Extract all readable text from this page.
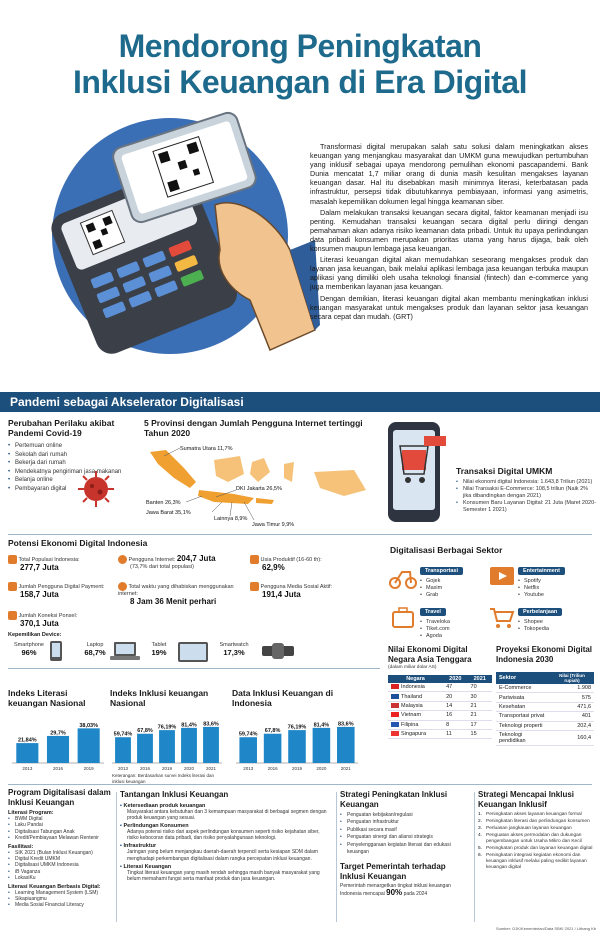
Mendorong Peningkatan
Inklusi Keuangan di Era Digital

Transformasi digital merupakan salah satu solusi dalam meningkatkan akses keuangan yang menjangkau masyarakat dan UMKM guna mewujudkan pertumbuhan yang inklusif sebagai upaya mendorong pemulihan ekonomi pascapandemi. Bank Dunia mencatat 1,7 miliar orang di dunia masih kesulitan mengakses layanan keuangan dasar. Hal itu disebabkan masih minimnya literasi, keterbatasan pada infrastruktur, persepsi tidak dibutuhkannya pembiayaan, informasi yang asimetris, masalah kepemilikan dokumen legal hingga keamanan siber.

Dalam melakukan transaksi keuangan secara digital, faktor keamanan menjadi isu penting. Kemudahan transaksi keuangan secara digital perlu diiringi dengan pemahaman akan adanya risiko keamanan data pribadi. Untuk itu upaya perlindungan data pribadi konsumen merupakan prioritas utama yang harus dijaga, baik oleh konsumen maupun lembaga jasa keuangan.

Literasi keuangan digital akan memudahkan seseorang mengakses produk dan layanan jasa keuangan, baik melalui aplikasi lembaga jasa keuangan terbuka maupun aplikasi yang dimiliki oleh usaha teknologi finansial (fintech) dan e-commerce yang juga memberikan layanan jasa keuangan.

Dengan demikian, literasi keuangan digital akan membantu meningkatkan inklusi keuangan masyarakat untuk mengakses produk dan layanan sektor jasa keuangan secara cepat dan mudah. (GRT)

Pandemi sebagai Akselerator Digitalisasi
Perubahan Perilaku akibat Pandemi Covid-19
• Pertemuan online
• Sekolah dari rumah
• Bekerja dari rumah
• Mendekatnya pengiriman jasa makanan
• Belanja online
• Pembayaran digital
5 Provinsi dengan Jumlah Pengguna Internet tertinggi Tahun 2020
Sumatra Utara 11,7%
DKI Jakarta 26,5%
Banten 26,3%
Jawa Barat 35,1%
Jawa Timur 9,9%
Lainnya 8,9%
Transaksi Digital UMKM
• Nilai ekonomi digital Indonesia: 1.643,8 Triliun (2021)
• Nilai Transaksi E-Commerce: 108,5 triliun (Naik 2% jika dibandingkan dengan 2021)
• Konsumen Baru Layanan Digital: 21 Juta (Maret 2020-Semester 1 2021)
Potensi Ekonomi Digital Indonesia
Total Populasi Indonesia:
277,7 Juta
Pengguna Internet: 204,7 Juta
(73,7% dari total populasi)
Usia Produktif (16-60 th):
62,9%
Jumlah Pengguna Digital Payment:
158,7 Juta
Total waktu yang dihabiskan menggunakan internet:
8 Jam 36 Menit perhari
Pengguna Media Sosial Aktif:
191,4 Juta
Jumlah Koneksi Ponsel:
370,1 Juta
Kepemilikan Device:
Smartphone
96%
Laptop
68,7%
Tablet
19%
Smartwatch
17,3%
Digitalisasi Berbagai Sektor
Transportasi
• Gojek
• Maxim
• Grab
Entertainment
• Spotify
• Netflix
• Youtube
Travel
• Traveloka
• Tiket.com
• Agoda
Perbelanjaan
• Shopee
• Tokopedia
Indeks Literasi keuangan Nasional
21,84%
2013
29,7%
2016
38,03%
2019
Indeks Inklusi keuangan Nasional
59,74%
2013
67,8%
2016
76,19%
2019
81,4%
2020
83,6%
2021
Keterangan: Berdasarkan survei Indeks literasi dan inklusi keuangan
Data Inklusi Keuangan di Indonesia
59,74%
2013
67,8%
2016
76,19%
2019
81,4%
2020
83,6%
2021
Nilai Ekonomi Digital Negara Asia Tenggara
(dalam miliar dolar AS)
Negara	2020	2021
Indonesia	47	70
Thailand	20	30
Malaysia	14	21
Vietnam	16	21
Filipina	8	17
Singapura	11	15
Proyeksi Ekonomi Digital Indonesia 2030
Sektor	Nilai (Triliun rupiah)
E-Commerce	1.908
Pariwisata	575
Kesehatan	471,6
Transportasi privat	401
Teknologi properti	202,4
Teknologi pendidikan	160,4
Program Digitalisasi dalam Inklusi Keuangan
Literasi Program:
• BWM Digital
• Laku Pandai
• Digitalisasi Tabungan Anak
• Kredit/Pembiayaan Melawan Rentenir
Fasilitasi:
• SIK 2021 (Bulan Inklusi Keuangan)
• Digital Kredit UMKM
• Digitalisasi UMKM Indonesia
• iB Vaganza
• LokasiKu
Literasi Keuangan Berbasis Digital:
• Learning Management System (LSM)
• Sikapiuangmu
• Media Sosial Financial Literacy
Tantangan Inklusi Keuangan
▪ Ketersediaan produk keuangan
Masyarakat antara kebutuhan dan 3 kemampuan masyarakat di berbagai segmen dengan produk keuangan yang sesuai.
▪ Perlindungan Konsumen
Adanya potensi risiko dari aspek perlindungan konsumen seperti risiko kejahatan siber, risiko kebocoran data pribadi, dan risiko penyalahgunaan teknologi.
▪ Infrastruktur
Jaringan yang belum menjangkau daerah-daerah terpencil serta kesiapan SDM dalam menghadapi perkembangan digitalisasi dalam rangka percepatan inklusi keuangan.
▪ Literasi Keuangan
Tingkat literasi keuangan yang masih rendah sehingga masih banyak masyarakat yang belum memahami fungsi serta manfaat produk dan jasa keuangan.
Strategi Peningkatan Inklusi Keuangan
• Penguatan kebijakan/regulasi
• Penguatan infrastruktur
• Publikasi secara masif
• Penguatan sinergi dan aliansi strategis
• Penyelenggaraan kegiatan literasi dan edukasi keuangan
Target Pemerintah terhadap Inklusi Keuangan
Pemerintah menargetkan tingkat inklusi keuangan Indonesia mencapai 90% pada 2024
Strategi Mencapai Inklusi Keuangan Inklusif
Peningkatan akses layanan keuangan formal
Peningkatan literasi dan perlindungan konsumen
Perluasan jangkauan layanan keuangan
Penguatan akses permodalan dan dukungan pengembangan untuk Usaha Mikro dan Kecil
Peningkatan produk dan layanan keuangan digital
Peningkatan integrasi kegiatan ekonomi dan keuangan inklusif melalui paling sedikit layanan keuangan digital
Sumber: OJK/Kementerian/Data SBKI 2021 / Litbang Kb
